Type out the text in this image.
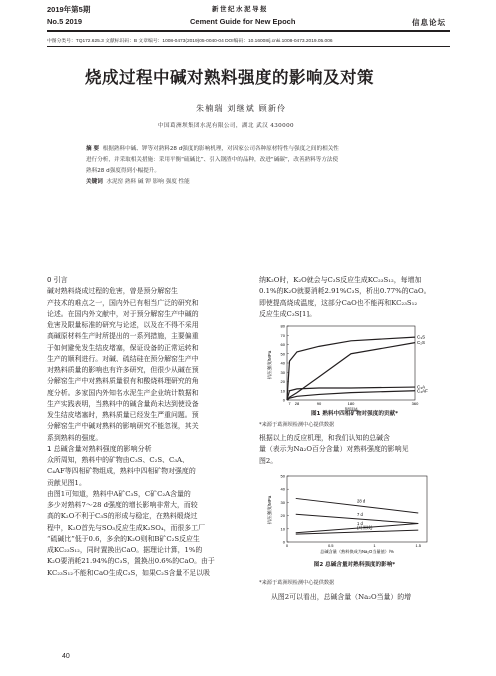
2019年第5期
No.5 2019
新世纪水泥导报
Cement Guide for New Epoch	信息论坛
中图分类号：TQ172.625.3 文献标识码：B 文章编号：1008-0473(2019)05-0040-04 DOI编码：10.16008/j.cnki.1008-0473.2019.05.006
烧成过程中碱对熟料强度的影响及对策
朱楠瑞 刘继斌 顾新伶
中国葛洲坝集团水泥有限公司，湖北 武汉 430000
摘 要 根据熟料中碱、钾等对熟料28 d强度的影响机理，对因家公司各种原材特性与强度之间的相关性
进行分析，并采取相关措施：采用平衡“硫碱比”、引入钢渣中的品种，改进“碱碳”，改善熟料等方法使
熟料28 d强度得到小幅提升。
关键词 水泥窑 熟料 碱 钾 影响 强度 性能
0 引言
碱对熟料烧成过程的危害，曾是预分解窑生
产技术的难点之一，国内外已有相当广泛的研究和
论述。在国内外文献中，对于预分解窑生产中碱的
危害及限量标准的研究与论述，以及在不得不采用
高碱原材料生产时所提出的一系列措施，主要偏重
于如何避免发生结皮堵塞，保证设备的正常运转和
生产的顺利进行。对碱、硫结硅在预分解窑生产中
对熟料质量的影响也有许多研究，但很少从碱在预
分解窑生产中对熟料质量很有和酸烧料理研究的角
度分析。多家国内外知名水泥生产企业统计数据和
生产实践表明，当熟料中的碱含量尚未达到使设备
发生结皮堵塞时，熟料质量已经发生严重问题。预
分解窑生产中碱对熟料的影响研究不能忽视，其关
系到熟料的强度。
1 总碱含量对熟料强度的影响分析
众所周知，熟料中的矿物由C₃S、C₂S、C₃A、
C₄AF等四相矿物组成，熟料中四相矿物对强度的
贡献见图1。
由图1可知道，熟料中A矿C₃S，C矿C₂A含量的
多少对熟料7～28 d强度的增长影响非常大，而较
高的K₂O不利于C₃S的形成与稳定，在熟料煅烧过
程中，K₂O首先与SO₃反应生成K₂SO₄，而很多工厂
“硫碱比”低于0.6，多余的K₂O则和B矿C₂S反应生
成KC₂₃S₁₂，同时置换出CaO。据理论计算，1%的
K₂O要消耗21.94%的C₃S，置换出0.6%的CaO。由于
KC₂₃S₁₂不能和CaO生成C₃S，如果C₂S含量不足以吸
40
纳K₂O时，K₂O就会与C₃S反应生成KC₂₃S₁₂，每增加
0.1%的K₂O就要消耗2.91%C₃S，析出0.77%的CaO。
即使提高烧成温度，这部分CaO也不能再和KC₂₃S₁₂
反应生成C₃S[1]。
0
10
20
30
40
50
60
70
80
7 28	90	180	360
抗压强度/MPa
时间/d
C₃S
C₂S
C₃A
C₄AF
图1 熟料中四相矿物对强度的贡献*
*来源于葛洲坝检测中心提供数据
根据以上的反应机理，和我们认知的总碱含
量（表示为Na₂O百分含量）对熟料强度的影响见
图2。
0
10
20
30
40
50
0	0.5	1	1.5
抗压强度/MPa
总碱含量（熟料换成为Na₂O当量值）/%
28 d
7 d
1 d
(对照线)
图2 总碱含量对熟料强度的影响*
*来源于葛洲坝检测中心提供数据
从图2可以看出，总碱含量（Na₂O当量）的增
